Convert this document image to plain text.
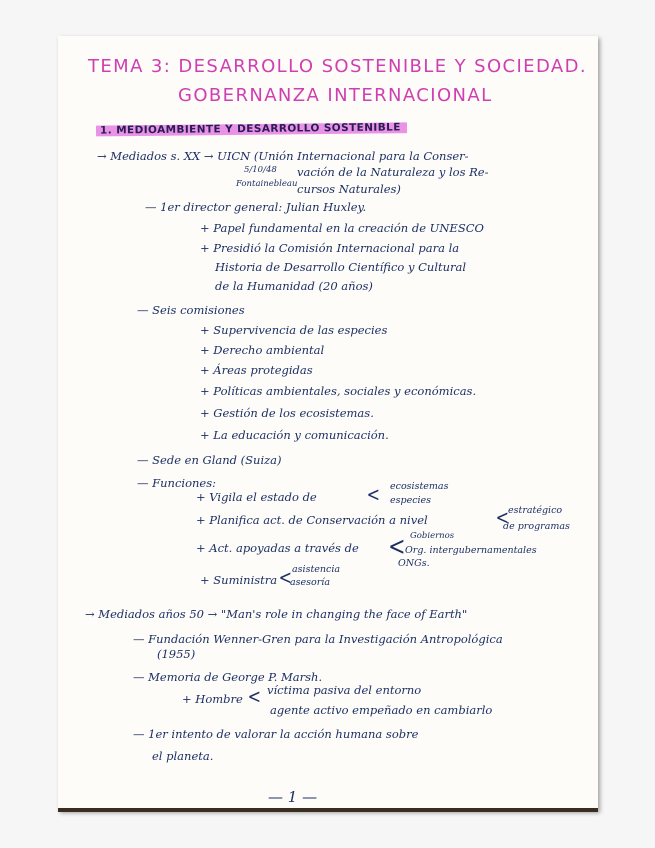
TEMA 3: DESARROLLO SOSTENIBLE Y SOCIEDAD.
GOBERNANZA INTERNACIONAL
1. MEDIOAMBIENTE Y DESARROLLO SOSTENIBLE
→ Mediados s. XX → UICN (Unión Internacional para la Conser-
5/10/48 vación de la Naturaleza y los Re-
Fontainebleau cursos Naturales)
— 1er director general: Julian Huxley.
+ Papel fundamental en la creación de UNESCO
+ Presidió la Comisión Internacional para la
Historia de Desarrollo Científico y Cultural
de la Humanidad (20 años)
— Seis comisiones
+ Supervivencia de las especies
+ Derecho ambiental
+ Áreas protegidas
+ Políticas ambientales, sociales y económicas.
+ Gestión de los ecosistemas.
+ La educación y comunicación.
— Sede en Gland (Suiza)
— Funciones:
+ Vigila el estado de < ecosistemas
especies
+ Planifica act. de Conservación a nivel	<
estratégico
de programas
+ Act. apoyadas a través de < Gobiernos
Org. intergubernamentales
ONGs.
+ Suministra < asistencia
asesoría
→ Mediados años 50 → "Man's role in changing the face of Earth"
— Fundación Wenner-Gren para la Investigación Antropológica
(1955)
— Memoria de George P. Marsh.
+ Hombre < víctima pasiva del entorno
agente activo empeñado en cambiarlo
— 1er intento de valorar la acción humana sobre
el planeta.
— 1 —
